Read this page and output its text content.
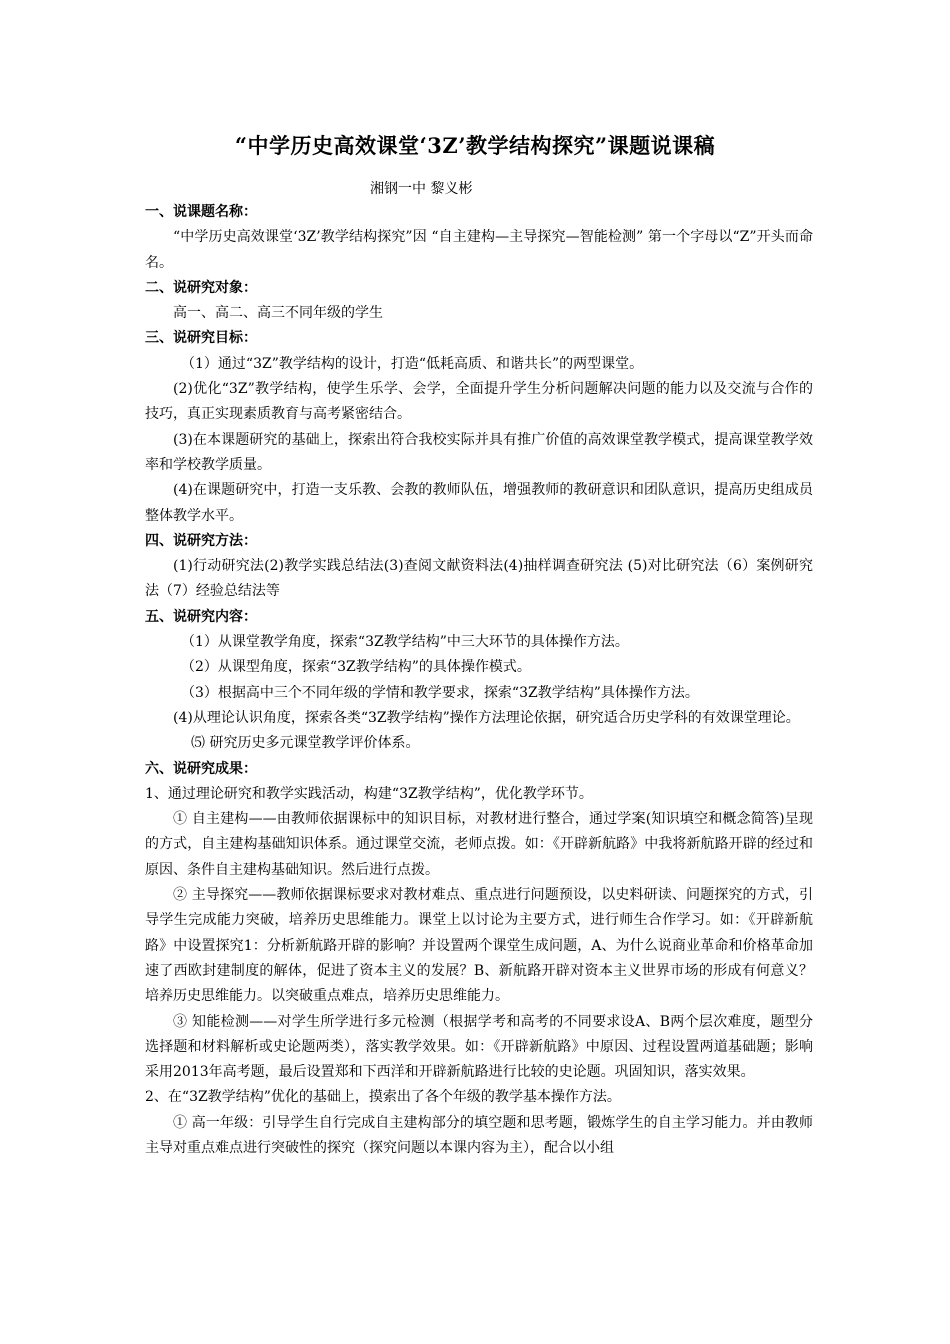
“中学历史高效课堂‘3Z’教学结构探究”课题说课稿
湘钢一中 黎义彬
一、说课题名称：
“中学历史高效课堂‘3Z’教学结构探究”因 “自主建构—主导探究—智能检测” 第一个字母以“Z”开头而命名。
二、说研究对象：
高一、高二、高三不同年级的学生
三、说研究目标：
（1）通过“3Z”教学结构的设计，打造“低耗高质、和谐共长”的两型课堂。
(2)优化“3Z”教学结构，使学生乐学、会学，全面提升学生分析问题解决问题的能力以及交流与合作的技巧，真正实现素质教育与高考紧密结合。
(3)在本课题研究的基础上，探索出符合我校实际并具有推广价值的高效课堂教学模式，提高课堂教学效率和学校教学质量。
(4)在课题研究中，打造一支乐教、会教的教师队伍，增强教师的教研意识和团队意识，提高历史组成员整体教学水平。
四、说研究方法：
(1)行动研究法(2)教学实践总结法(3)查阅文献资料法(4)抽样调查研究法 (5)对比研究法（6）案例研究法（7）经验总结法等
五、说研究内容：
（1）从课堂教学角度，探索“3Z教学结构”中三大环节的具体操作方法。
（2）从课型角度，探索“3Z教学结构”的具体操作模式。
（3）根据高中三个不同年级的学情和教学要求，探索“3Z教学结构”具体操作方法。
(4)从理论认识角度，探索各类“3Z教学结构”操作方法理论依据，研究适合历史学科的有效课堂理论。
⑸ 研究历史多元课堂教学评价体系。
六、说研究成果：
1、通过理论研究和教学实践活动，构建“3Z教学结构”，优化教学环节。
① 自主建构——由教师依据课标中的知识目标，对教材进行整合，通过学案(知识填空和概念简答)呈现的方式，自主建构基础知识体系。通过课堂交流，老师点拨。如：《开辟新航路》中我将新航路开辟的经过和原因、条件自主建构基础知识。然后进行点拨。
② 主导探究——教师依据课标要求对教材难点、重点进行问题预设，以史料研读、问题探究的方式，引导学生完成能力突破，培养历史思维能力。课堂上以讨论为主要方式，进行师生合作学习。如：《开辟新航路》中设置探究1：分析新航路开辟的影响？并设置两个课堂生成问题，A、为什么说商业革命和价格革命加速了西欧封建制度的解体，促进了资本主义的发展？B、新航路开辟对资本主义世界市场的形成有何意义？培养历史思维能力。以突破重点难点，培养历史思维能力。
③ 知能检测——对学生所学进行多元检测（根据学考和高考的不同要求设A、B两个层次难度，题型分选择题和材料解析或史论题两类），落实教学效果。如：《开辟新航路》中原因、过程设置两道基础题；影响采用2013年高考题，最后设置郑和下西洋和开辟新航路进行比较的史论题。巩固知识，落实效果。
2、在“3Z教学结构”优化的基础上，摸索出了各个年级的教学基本操作方法。
① 高一年级：引导学生自行完成自主建构部分的填空题和思考题，锻炼学生的自主学习能力。并由教师主导对重点难点进行突破性的探究（探究问题以本课内容为主），配合以小组
